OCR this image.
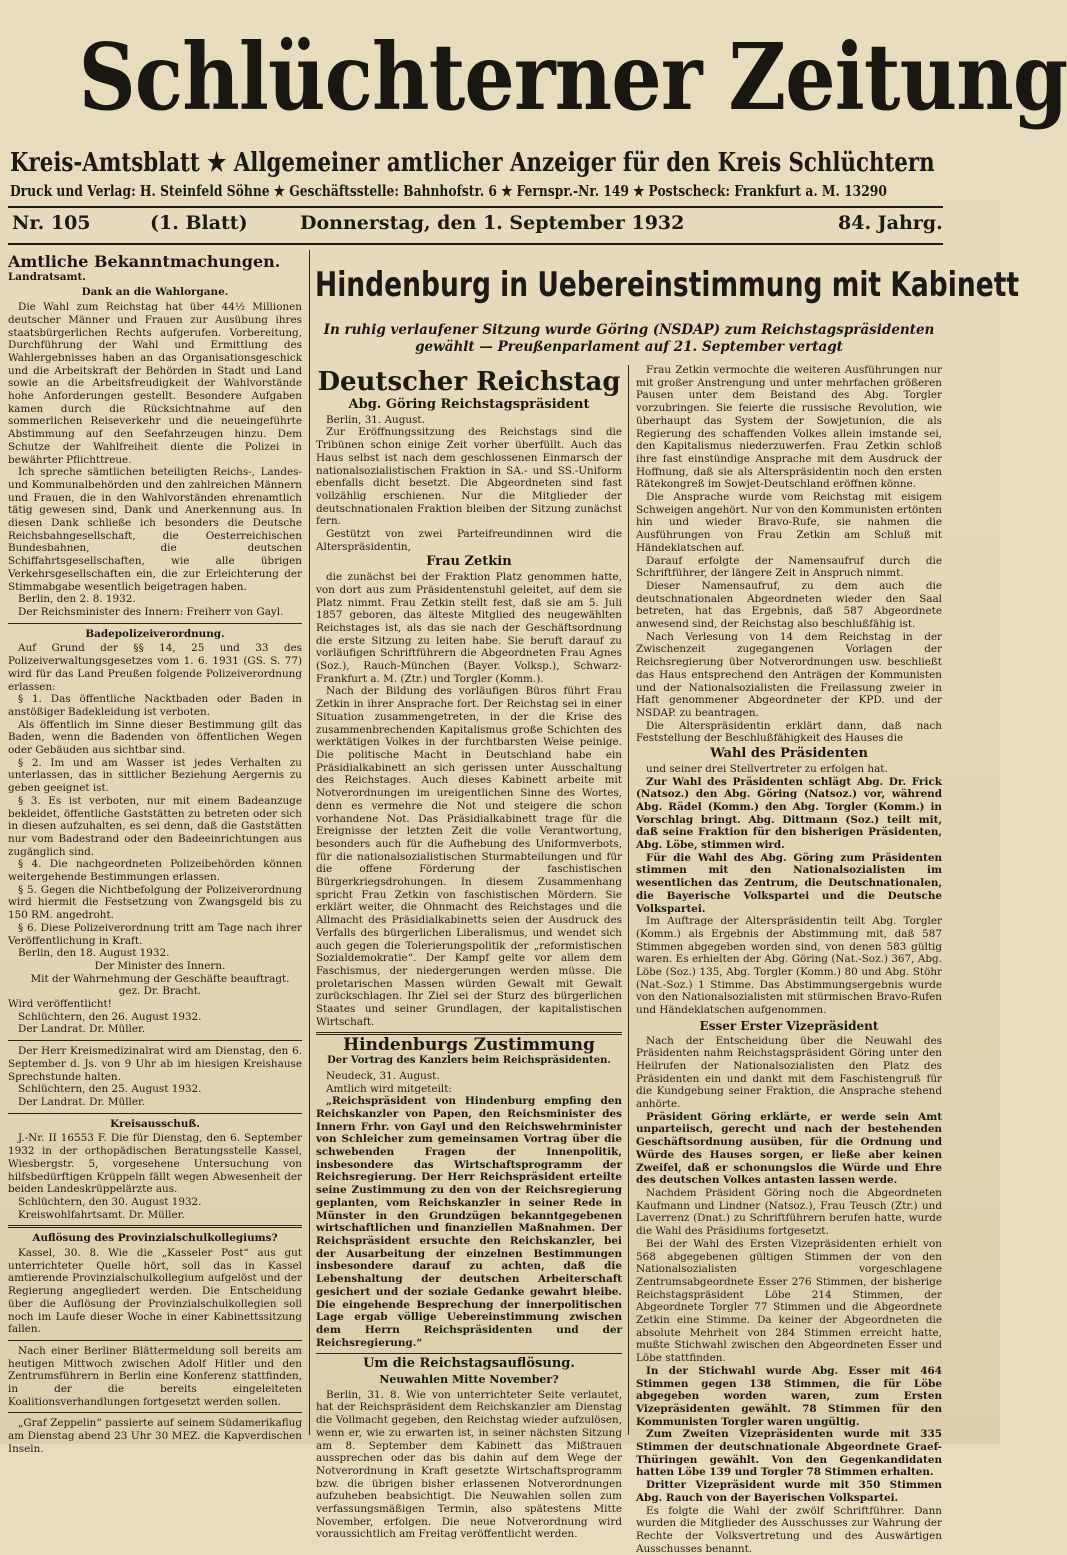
Schlüchterner Zeitung
Kreis-Amtsblatt ★ Allgemeiner amtlicher Anzeiger für den Kreis Schlüchtern
Druck und Verlag: H. Steinfeld Söhne ★ Geschäftsstelle: Bahnhofstr. 6 ★ Fernspr.-Nr. 149 ★ Postscheck: Frankfurt a. M. 13290
Nr. 105	(1. Blatt)	Donnerstag, den 1. September 1932	84. Jahrg.
Amtliche Bekanntmachungen.

Landratsamt.

Dank an die Wahlorgane.

Die Wahl zum Reichstag hat über 44½ Millionen deutscher Männer und Frauen zur Ausübung ihres staatsbürgerlichen Rechts aufgerufen. Vorbereitung, Durchführung der Wahl und Ermittlung des Wahlergebnisses haben an das Organisationsgeschick und die Arbeitskraft der Behörden in Stadt und Land sowie an die Arbeitsfreudigkeit der Wahlvorstände hohe Anforderungen gestellt. Besondere Aufgaben kamen durch die Rücksichtnahme auf den sommerlichen Reiseverkehr und die neueingeführte Abstimmung auf den Seefahrzeugen hinzu. Dem Schutze der Wahlfreiheit diente die Polizei in bewährter Pflichttreue.

Ich spreche sämtlichen beteiligten Reichs-, Landes- und Kommunalbehörden und den zahlreichen Männern und Frauen, die in den Wahlvorständen ehrenamtlich tätig gewesen sind, Dank und Anerkennung aus. In diesen Dank schließe ich besonders die Deutsche Reichsbahngesellschaft, die Oesterreichischen Bundesbahnen, die deutschen Schiffahrtsgesellschaften, wie alle übrigen Verkehrsgesellschaften ein, die zur Erleichterung der Stimmabgabe wesentlich beigetragen haben.

Berlin, den 2. 8. 1932.

Der Reichsminister des Innern: Freiherr von Gayl.

Badepolizeiverordnung.

Auf Grund der §§ 14, 25 und 33 des Polizeiverwaltungsgesetzes vom 1. 6. 1931 (GS. S. 77) wird für das Land Preußen folgende Polizeiverordnung erlassen:

§ 1. Das öffentliche Nacktbaden oder Baden in anstößiger Badekleidung ist verboten.

Als öffentlich im Sinne dieser Bestimmung gilt das Baden, wenn die Badenden von öffentlichen Wegen oder Gebäuden aus sichtbar sind.

§ 2. Im und am Wasser ist jedes Verhalten zu unterlassen, das in sittlicher Beziehung Aergernis zu geben geeignet ist.

§ 3. Es ist verboten, nur mit einem Badeanzuge bekleidet, öffentliche Gaststätten zu betreten oder sich in diesen aufzuhalten, es sei denn, daß die Gaststätten nur vom Badestrand oder den Badeeinrichtungen aus zugänglich sind.

§ 4. Die nachgeordneten Polizeibehörden können weitergehende Bestimmungen erlassen.

§ 5. Gegen die Nichtbefolgung der Polizeiverordnung wird hiermit die Festsetzung von Zwangsgeld bis zu 150 RM. angedroht.

§ 6. Diese Polizeiverordnung tritt am Tage nach ihrer Veröffentlichung in Kraft.

Berlin, den 18. August 1932.

Der Minister des Innern.

Mit der Wahrnehmung der Geschäfte beauftragt.

gez. Dr. Bracht.

Wird veröffentlicht!

Schlüchtern, den 26. August 1932.

Der Landrat. Dr. Müller.

Der Herr Kreismedizinalrat wird am Dienstag, den 6. September d. Js. von 9 Uhr ab im hiesigen Kreishause Sprechstunde halten.

Schlüchtern, den 25. August 1932.

Der Landrat. Dr. Müller.

Kreisausschuß.

J.-Nr. II 16553 F. Die für Dienstag, den 6. September 1932 in der orthopädischen Beratungsstelle Kassel, Wiesbergstr. 5, vorgesehene Untersuchung von hilfsbedürftigen Krüppeln fällt wegen Abwesenheit der beiden Landeskrüppelärzte aus.

Schlüchtern, den 30. August 1932.

Kreiswohlfahrtsamt. Dr. Müller.

Auflösung des Provinzialschulkollegiums?

Kassel, 30. 8. Wie die „Kasseler Post“ aus gut unterrichteter Quelle hört, soll das in Kassel amtierende Provinzialschulkollegium aufgelöst und der Regierung angegliedert werden. Die Entscheidung über die Auflösung der Provinzialschulkollegien soll noch im Laufe dieser Woche in einer Kabinettssitzung fallen.

Nach einer Berliner Blättermeldung soll bereits am heutigen Mittwoch zwischen Adolf Hitler und den Zentrumsführern in Berlin eine Konferenz stattfinden, in der die bereits eingeleiteten Koalitionsverhandlungen fortgesetzt werden sollen.

„Graf Zeppelin“ passierte auf seinem Südamerikaflug am Dienstag abend 23 Uhr 30 MEZ. die Kapverdischen Inseln.

Hindenburg in Uebereinstimmung mit Kabinett
In ruhig verlaufener Sitzung wurde Göring (NSDAP) zum Reichstagspräsidenten gewählt — Preußenparlament auf 21. September vertagt
Deutscher Reichstag
Abg. Göring Reichstagspräsident

Berlin, 31. August.

Zur Eröffnungssitzung des Reichstags sind die Tribünen schon einige Zeit vorher überfüllt. Auch das Haus selbst ist nach dem geschlossenen Einmarsch der nationalsozialistischen Fraktion in SA.- und SS.-Uniform ebenfalls dicht besetzt. Die Abgeordneten sind fast vollzählig erschienen. Nur die Mitglieder der deutschnationalen Fraktion bleiben der Sitzung zunächst fern.

Gestützt von zwei Parteifreundinnen wird die Alterspräsidentin,

Frau Zetkin

die zunächst bei der Fraktion Platz genommen hatte, von dort aus zum Präsidentenstuhl geleitet, auf dem sie Platz nimmt. Frau Zetkin stellt fest, daß sie am 5. Juli 1857 geboren, das älteste Mitglied des neugewählten Reichstages ist, als das sie nach der Geschäftsordnung die erste Sitzung zu leiten habe. Sie beruft darauf zu vorläufigen Schriftführern die Abgeordneten Frau Agnes (Soz.), Rauch-München (Bayer. Volksp.), Schwarz-Frankfurt a. M. (Ztr.) und Torgler (Komm.).

Nach der Bildung des vorläufigen Büros führt Frau Zetkin in ihrer Ansprache fort. Der Reichstag sei in einer Situation zusammengetreten, in der die Krise des zusammenbrechenden Kapitalismus große Schichten des werktätigen Volkes in der furchtbarsten Weise peinige. Die politische Macht in Deutschland habe ein Präsidialkabinett an sich gerissen unter Ausschaltung des Reichstages. Auch dieses Kabinett arbeite mit Notverordnungen im ureigentlichen Sinne des Wortes, denn es vermehre die Not und steigere die schon vorhandene Not. Das Präsidialkabinett trage für die Ereignisse der letzten Zeit die volle Verantwortung, besonders auch für die Aufhebung des Uniformverbots, für die nationalsozialistischen Sturmabteilungen und für die offene Förderung der faschistischen Bürgerkriegsdrohungen. In diesem Zusammenhang spricht Frau Zetkin von faschistischen Mördern. Sie erklärt weiter, die Ohnmacht des Reichstages und die Allmacht des Präsidialkabinetts seien der Ausdruck des Verfalls des bürgerlichen Liberalismus, und wendet sich auch gegen die Tolerierungspolitik der „reformistischen Sozialdemokratie“. Der Kampf gelte vor allem dem Faschismus, der niedergerungen werden müsse. Die proletarischen Massen würden Gewalt mit Gewalt zurückschlagen. Ihr Ziel sei der Sturz des bürgerlichen Staates und seiner Grundlagen, der kapitalistischen Wirtschaft.

Hindenburgs Zustimmung
Der Vortrag des Kanzlers beim Reichspräsidenten.

Neudeck, 31. August.

Amtlich wird mitgeteilt:

„Reichspräsident von Hindenburg empfing den Reichskanzler von Papen, den Reichsminister des Innern Frhr. von Gayl und den Reichswehrminister von Schleicher zum gemeinsamen Vortrag über die schwebenden Fragen der Innenpolitik, insbesondere das Wirtschaftsprogramm der Reichsregierung. Der Herr Reichspräsident erteilte seine Zustimmung zu den von der Reichsregierung geplanten, vom Reichskanzler in seiner Rede in Münster in den Grundzügen bekanntgegebenen wirtschaftlichen und finanziellen Maßnahmen. Der Reichspräsident ersuchte den Reichskanzler, bei der Ausarbeitung der einzelnen Bestimmungen insbesondere darauf zu achten, daß die Lebenshaltung der deutschen Arbeiterschaft gesichert und der soziale Gedanke gewahrt bleibe. Die eingehende Besprechung der innerpolitischen Lage ergab völlige Uebereinstimmung zwischen dem Herrn Reichspräsidenten und der Reichsregierung.“

Um die Reichstagsauflösung.
Neuwahlen Mitte November?

Berlin, 31. 8. Wie von unterrichteter Seite verlautet, hat der Reichspräsident dem Reichskanzler am Dienstag die Vollmacht gegeben, den Reichstag wieder aufzulösen, wenn er, wie zu erwarten ist, in seiner nächsten Sitzung am 8. September dem Kabinett das Mißtrauen aussprechen oder das bis dahin auf dem Wege der Notverordnung in Kraft gesetzte Wirtschaftsprogramm bzw. die übrigen bisher erlassenen Notverordnungen aufzuheben beabsichtigt. Die Neuwahlen sollen zum verfassungsmäßigen Termin, also spätestens Mitte November, erfolgen. Die neue Notverordnung wird voraussichtlich am Freitag veröffentlicht werden.

Frau Zetkin vermochte die weiteren Ausführungen nur mit großer Anstrengung und unter mehrfachen größeren Pausen unter dem Beistand des Abg. Torgler vorzubringen. Sie feierte die russische Revolution, wie überhaupt das System der Sowjetunion, die als Regierung des schaffenden Volkes allein imstande sei, den Kapitalismus niederzuwerfen. Frau Zetkin schloß ihre fast einstündige Ansprache mit dem Ausdruck der Hoffnung, daß sie als Alterspräsidentin noch den ersten Rätekongreß im Sowjet-Deutschland eröffnen könne.

Die Ansprache wurde vom Reichstag mit eisigem Schweigen angehört. Nur von den Kommunisten ertönten hin und wieder Bravo-Rufe, sie nahmen die Ausführungen von Frau Zetkin am Schluß mit Händeklatschen auf.

Darauf erfolgte der Namensaufruf durch die Schriftführer, der längere Zeit in Anspruch nimmt.

Dieser Namensaufruf, zu dem auch die deutschnationalen Abgeordneten wieder den Saal betreten, hat das Ergebnis, daß 587 Abgeordnete anwesend sind, der Reichstag also beschlußfähig ist.

Nach Verlesung von 14 dem Reichstag in der Zwischenzeit zugegangenen Vorlagen der Reichsregierung über Notverordnungen usw. beschließt das Haus entsprechend den Anträgen der Kommunisten und der Nationalsozialisten die Freilassung zweier in Haft genommener Abgeordneter der KPD. und der NSDAP. zu beantragen.

Die Alterspräsidentin erklärt dann, daß nach Feststellung der Beschlußfähigkeit des Hauses die

Wahl des Präsidenten

und seiner drei Stellvertreter zu erfolgen hat.

Zur Wahl des Präsidenten schlägt Abg. Dr. Frick (Natsoz.) den Abg. Göring (Natsoz.) vor, während Abg. Rädel (Komm.) den Abg. Torgler (Komm.) in Vorschlag bringt. Abg. Dittmann (Soz.) teilt mit, daß seine Fraktion für den bisherigen Präsidenten, Abg. Löbe, stimmen wird.

Für die Wahl des Abg. Göring zum Präsidenten stimmen mit den Nationalsozialisten im wesentlichen das Zentrum, die Deutschnationalen, die Bayerische Volkspartei und die Deutsche Volkspartei.

Im Auftrage der Alterspräsidentin teilt Abg. Torgler (Komm.) als Ergebnis der Abstimmung mit, daß 587 Stimmen abgegeben worden sind, von denen 583 gültig waren. Es erhielten der Abg. Göring (Nat.-Soz.) 367, Abg. Löbe (Soz.) 135, Abg. Torgler (Komm.) 80 und Abg. Stöhr (Nat.-Soz.) 1 Stimme. Das Abstimmungsergebnis wurde von den Nationalsozialisten mit stürmischen Bravo-Rufen und Händeklatschen aufgenommen.

Esser Erster Vizepräsident

Nach der Entscheidung über die Neuwahl des Präsidenten nahm Reichstagspräsident Göring unter den Heilrufen der Nationalsozialisten den Platz des Präsidenten ein und dankt mit dem Faschistengruß für die Kundgebung seiner Fraktion, die Ansprache stehend anhörte.

Präsident Göring erklärte, er werde sein Amt unparteiisch, gerecht und nach der bestehenden Geschäftsordnung ausüben, für die Ordnung und Würde des Hauses sorgen, er ließe aber keinen Zweifel, daß er schonungslos die Würde und Ehre des deutschen Volkes antasten lassen werde.

Nachdem Präsident Göring noch die Abgeordneten Kaufmann und Lindner (Natsoz.), Frau Teusch (Ztr.) und Laverrenz (Dnat.) zu Schriftführern berufen hatte, wurde die Wahl des Präsidiums fortgesetzt.

Bei der Wahl des Ersten Vizepräsidenten erhielt von 568 abgegebenen gültigen Stimmen der von den Nationalsozialisten vorgeschlagene Zentrumsabgeordnete Esser 276 Stimmen, der bisherige Reichstagspräsident Löbe 214 Stimmen, der Abgeordnete Torgler 77 Stimmen und die Abgeordnete Zetkin eine Stimme. Da keiner der Abgeordneten die absolute Mehrheit von 284 Stimmen erreicht hatte, mußte Stichwahl zwischen den Abgeordneten Esser und Löbe stattfinden.

In der Stichwahl wurde Abg. Esser mit 464 Stimmen gegen 138 Stimmen, die für Löbe abgegeben worden waren, zum Ersten Vizepräsidenten gewählt. 78 Stimmen für den Kommunisten Torgler waren ungültig.

Zum Zweiten Vizepräsidenten wurde mit 335 Stimmen der deutschnationale Abgeordnete Graef-Thüringen gewählt. Von den Gegenkandidaten hatten Löbe 139 und Torgler 78 Stimmen erhalten.

Dritter Vizepräsident wurde mit 350 Stimmen Abg. Rauch von der Bayerischen Volkspartei.

Es folgte die Wahl der zwölf Schriftführer. Dann wurden die Mitglieder des Ausschusses zur Wahrung der Rechte der Volksvertretung und des Auswärtigen Ausschusses benannt.
